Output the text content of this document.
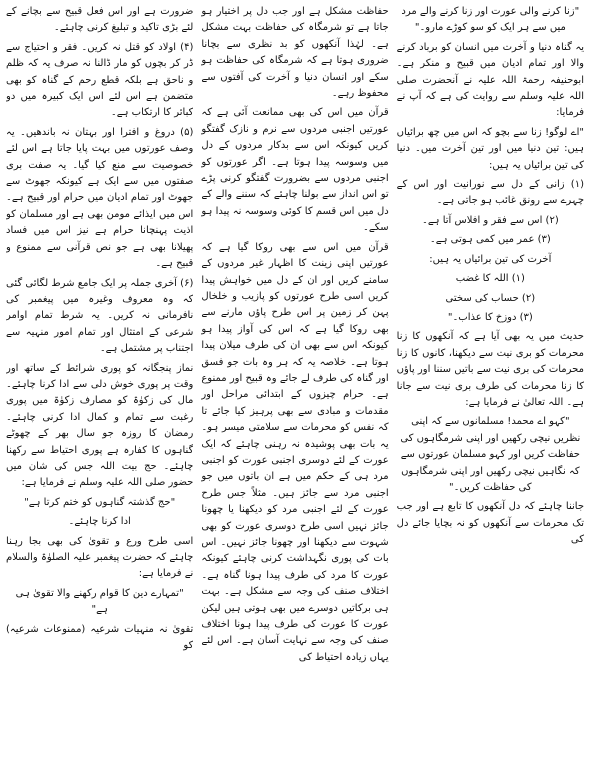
"زنا کرنے والی عورت اور زنا کرنے والے مرد میں سے ہر ایک کو سو کوڑے مارو۔"

یہ گناہ دنیا و آخرت میں انسان کو برباد کرنے والا اور تمام ادیان میں قبیح و منکر ہے۔ ابوحنیفہ رحمۃ اللہ علیہ نے آنحضرت صلی اللہ علیہ وسلم سے روایت کی ہے کہ آپ نے فرمایا:

"اے لوگو! زنا سے بچو کہ اس میں چھ برائیاں ہیں: تین دنیا میں اور تین آخرت میں۔ دنیا کی تین برائیاں یہ ہیں:

(۱) زانی کے دل سے نورانیت اور اس کے چہرے سے رونق غائب ہو جاتی ہے۔

(۲) اس سے فقر و افلاس آتا ہے۔

(۳) عمر میں کمی ہوتی ہے۔

آخرت کی تین برائیاں یہ ہیں:

(۱) اللہ کا غضب

(۲) حساب کی سختی

(۳) دوزخ کا عذاب۔"

حدیث میں یہ بھی آیا ہے کہ آنکھوں کا زنا محرمات کو بری نیت سے دیکھنا، کانوں کا زنا محرمات کی بری نیت سے باتیں سننا اور پاؤں کا زنا محرمات کی طرف بری نیت سے جانا ہے۔ اللہ تعالیٰ نے فرمایا ہے:

"کہو اے محمد! مسلمانوں سے کہ اپنی نظریں نیچی رکھیں اور اپنی شرمگاہوں کی حفاظت کریں اور کہو مسلمان عورتوں سے کہ نگاہیں نیچی رکھیں اور اپنی شرمگاہوں کی حفاظت کریں۔"

جاننا چاہئے کہ دل آنکھوں کا تابع ہے اور جب تک محرمات سے آنکھوں کو نہ بچایا جائے دل کی

حفاظت مشکل ہے اور جب دل پر اختیار ہو جاتا ہے تو شرمگاہ کی حفاظت بہت مشکل ہے۔ لہٰذا آنکھوں کو بد نظری سے بچانا ضروری ہوتا ہے کہ شرمگاہ کی حفاظت ہو سکے اور انسان دنیا و آخرت کی آفتوں سے محفوظ رہے۔

قرآن میں اس کی بھی ممانعت آئی ہے کہ عورتیں اجنبی مردوں سے نرم و نازک گفتگو کریں کیونکہ اس سے بدکار مردوں کے دل میں وسوسہ پیدا ہوتا ہے۔ اگر عورتوں کو اجنبی مردوں سے بضرورت گفتگو کرنی پڑے تو اس انداز سے بولنا چاہئے کہ سننے والے کے دل میں اس قسم کا کوئی وسوسہ نہ پیدا ہو سکے۔

قرآن میں اس سے بھی روکا گیا ہے کہ عورتیں اپنی زینت کا اظہار غیر مردوں کے سامنے کریں اور ان کے دل میں خواہش پیدا کریں اسی طرح عورتوں کو پازیب و خلخال پہن کر زمین پر اس طرح پاؤں مارنے سے بھی روکا گیا ہے کہ اس کی آواز پیدا ہو کیونکہ اس سے بھی ان کی طرف میلان پیدا ہوتا ہے۔ خلاصہ یہ کہ ہر وہ بات جو فسق اور گناہ کی طرف لے جائے وہ قبیح اور ممنوع ہے۔ حرام چیزوں کے ابتدائی مراحل اور مقدمات و مبادی سے بھی پرہیز کیا جائے تا کہ نفس کو محرمات سے سلامتی میسر ہو۔ یہ بات بھی پوشیدہ نہ رہنی چاہئے کہ ایک عورت کے لئے دوسری اجنبی عورت کو اجنبی مرد ہی کے حکم میں ہے ان باتوں میں جو اجنبی مرد سے جائز ہیں۔ مثلاً جس طرح عورت کے لئے اجنبی مرد کو دیکھنا یا چھونا جائز نہیں اسی طرح دوسری عورت کو بھی شہوت سے دیکھنا اور چھونا جائز نہیں۔ اس بات کی پوری نگہداشت کرنی چاہئے کیونکہ عورت کا مرد کی طرف پیدا ہونا گناہ ہے۔ اختلاف صنف کی وجہ سے مشکل ہے۔ بہت ہی برکاتیں دوسرے میں بھی ہوتی ہیں لیکن عورت کا عورت کی طرف پیدا ہونا اختلاف صنف کی وجہ سے نہایت آسان ہے۔ اس لئے یہاں زیادہ احتیاط کی

ضرورت ہے اور اس فعل قبیح سے بچانے کے لئے بڑی تاکید و تبلیغ کرنی چاہئے۔

(۴) اولاد کو قتل نہ کریں۔ فقر و احتیاج سے ڈر کر بچوں کو مار ڈالنا نہ صرف یہ کہ ظلم و ناحق ہے بلکہ قطع رحم کے گناہ کو بھی متضمن ہے اس لئے اس ایک کبیرہ میں دو کبائر کا ارتکاب ہے۔

(۵) دروغ و افترا اور بہتان نہ باندھیں۔ یہ وصف عورتوں میں بہت پایا جاتا ہے اس لئے خصوصیت سے منع کیا گیا۔ یہ صفت بری صفتوں میں سے ایک ہے کیونکہ جھوٹ سے جھوٹ اور تمام ادیان میں حرام اور قبیح ہے۔ اس میں ایذائے مومن بھی ہے اور مسلمان کو اذیت پہنچانا حرام ہے نیز اس میں فساد پھیلانا بھی ہے جو نص قرآنی سے ممنوع و قبیح ہے۔

(۶) آخری جملہ پر ایک جامع شرط لگائی گئی کہ وہ معروف وغیرہ میں پیغمبر کی نافرمانی نہ کریں۔ یہ شرط تمام اوامر شرعی کے امتثال اور تمام امور منہیہ سے اجتناب پر مشتمل ہے۔

نماز پنجگانہ کو پوری شرائط کے ساتھ اور وقت پر پوری خوش دلی سے ادا کرنا چاہئے۔ مال کی زکوٰۃ کو مصارف زکوٰۃ میں پوری رغبت سے تمام و کمال ادا کرنی چاہئے۔ رمضان کا روزہ جو سال بھر کے چھوٹے گناہوں کا کفارہ ہے پوری احتیاط سے رکھنا چاہئے۔ حج بیت اللہ جس کی شان میں حضور صلی اللہ علیہ وسلم نے فرمایا ہے:

"حج گذشتہ گناہوں کو ختم کرتا ہے"

ادا کرنا چاہئے۔

اسی طرح ورع و تقویٰ کی بھی بجا رہنا چاہئے کہ حضرت پیغمبر علیہ الصلوٰۃ والسلام نے فرمایا ہے:

"تمہارے دین کا قوام رکھنے والا تقویٰ ہی ہے"

تقویٰ نہ منہیات شرعیہ (ممنوعات شرعیہ) کو
